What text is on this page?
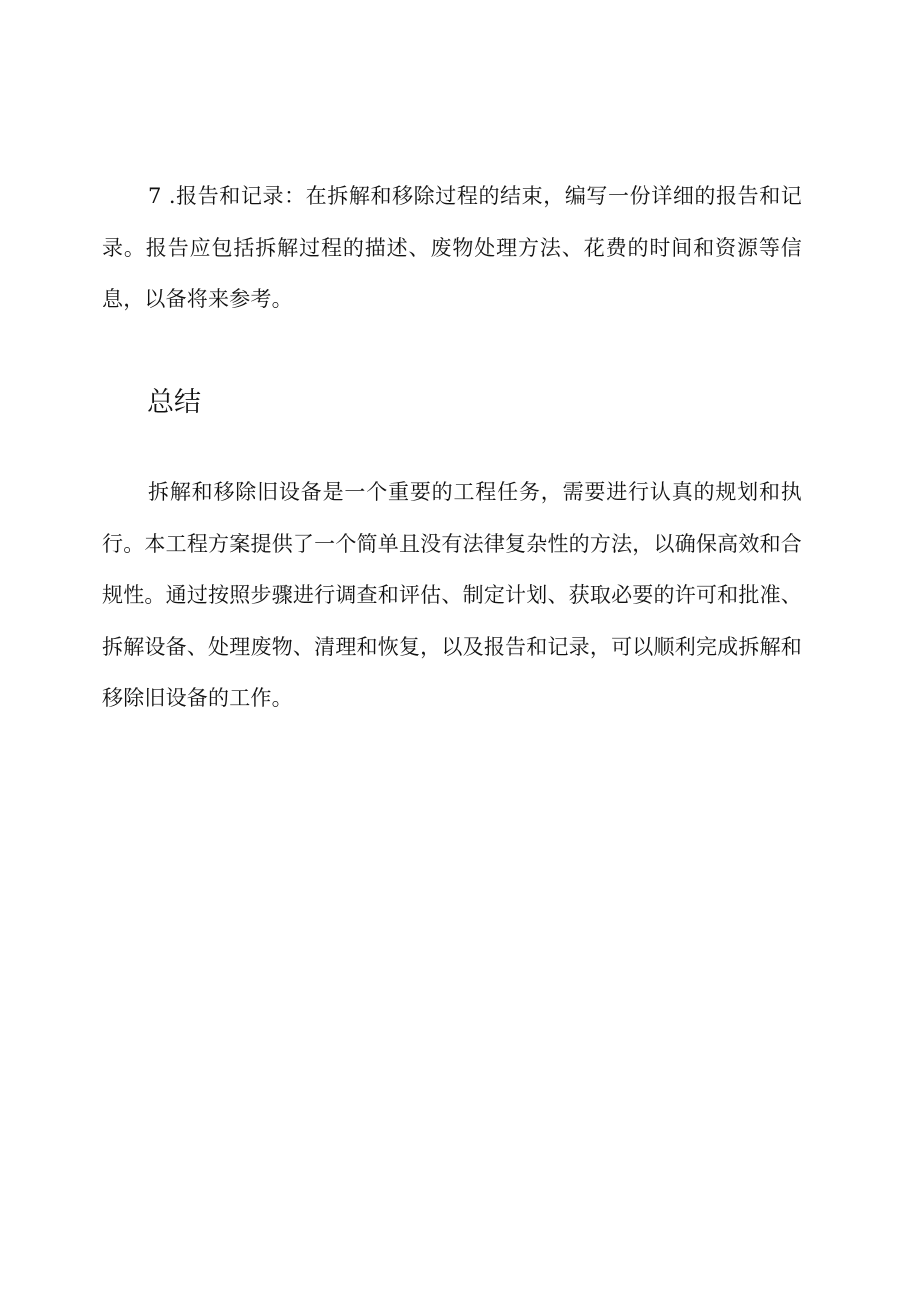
7 .报告和记录：在拆解和移除过程的结束，编写一份详细的报告和记录。报告应包括拆解过程的描述、废物处理方法、花费的时间和资源等信息，以备将来参考。

总结

拆解和移除旧设备是一个重要的工程任务，需要进行认真的规划和执行。本工程方案提供了一个简单且没有法律复杂性的方法，以确保高效和合规性。通过按照步骤进行调查和评估、制定计划、获取必要的许可和批准、拆解设备、处理废物、清理和恢复，以及报告和记录，可以顺利完成拆解和移除旧设备的工作。
